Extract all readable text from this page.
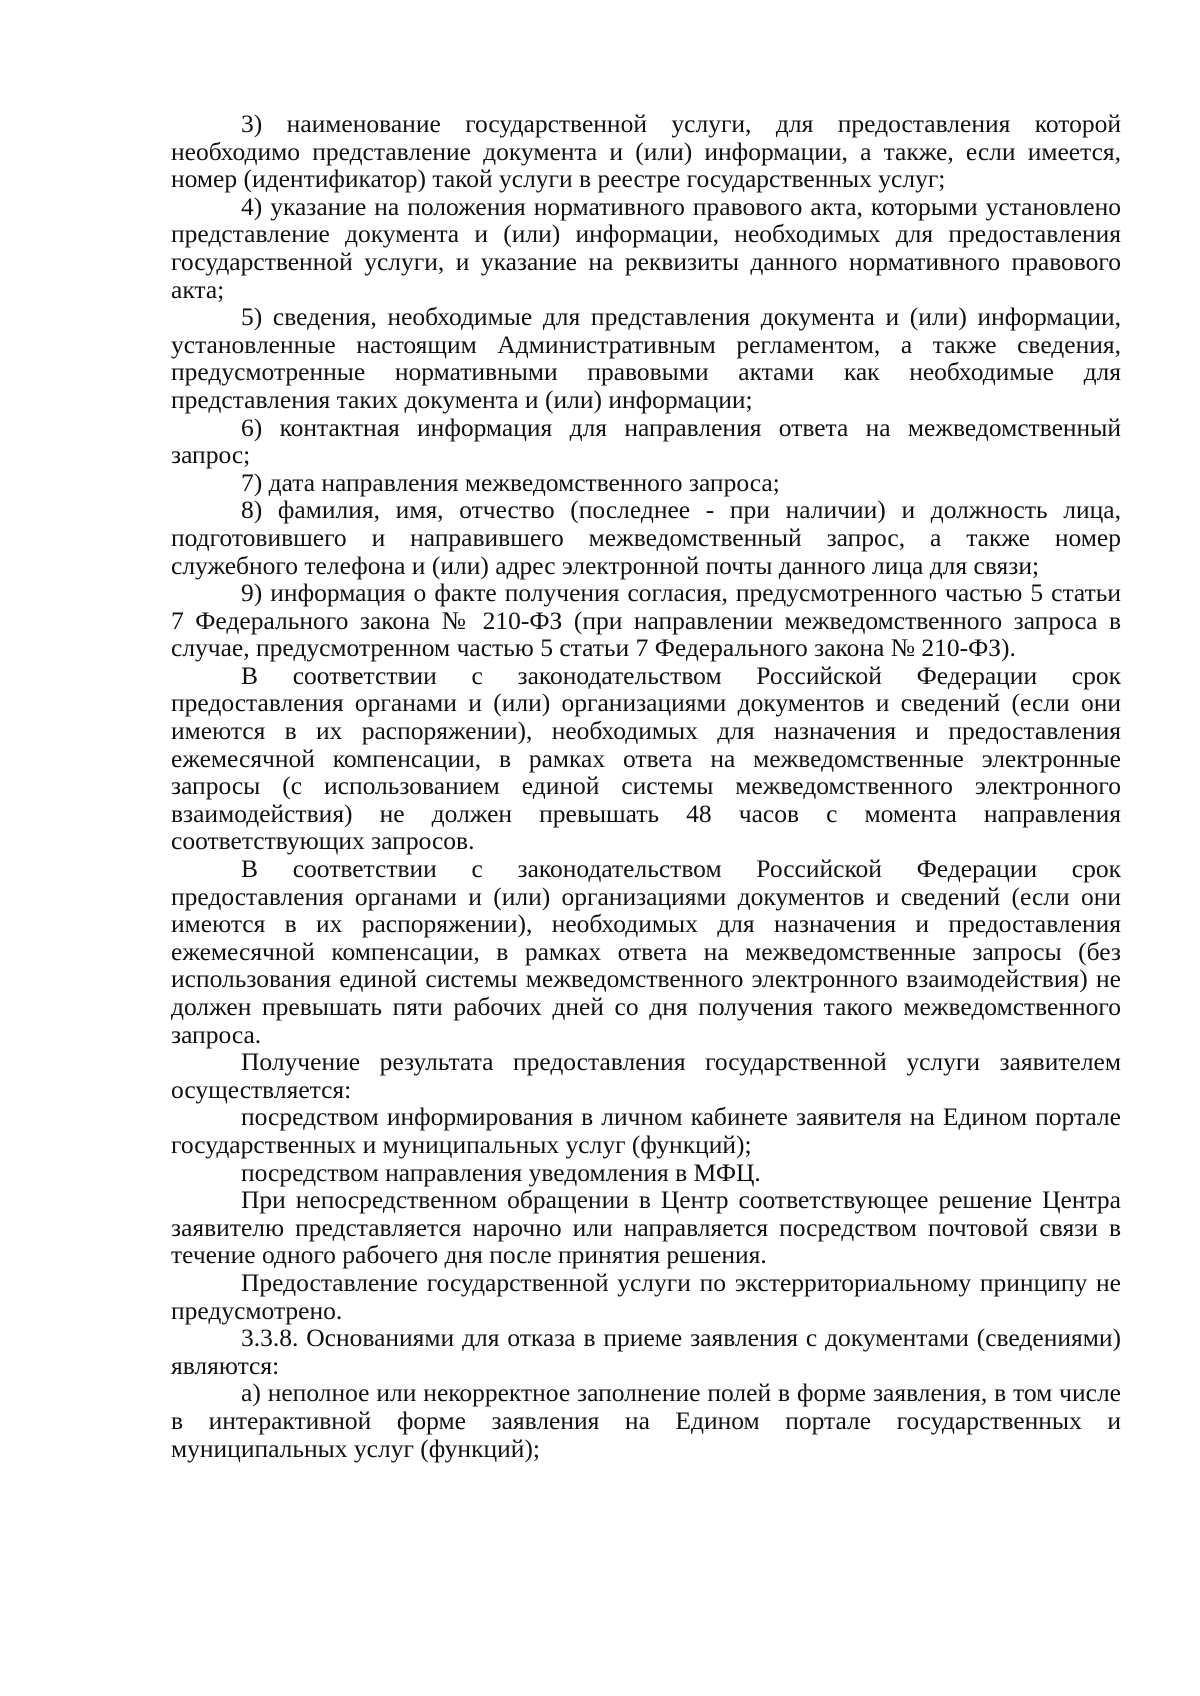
3) наименование государственной услуги, для предоставления которой необходимо представление документа и (или) информации, а также, если имеется, номер (идентификатор) такой услуги в реестре государственных услуг;

4) указание на положения нормативного правового акта, которыми установлено представление документа и (или) информации, необходимых для предоставления государственной услуги, и указание на реквизиты данного нормативного правового акта;

5) сведения, необходимые для представления документа и (или) информации, установленные настоящим Административным регламентом, а также сведения, предусмотренные нормативными правовыми актами как необходимые для представления таких документа и (или) информации;

6) контактная информация для направления ответа на межведомственный запрос;

7) дата направления межведомственного запроса;

8) фамилия, имя, отчество (последнее - при наличии) и должность лица, подготовившего и направившего межведомственный запрос, а также номер служебного телефона и (или) адрес электронной почты данного лица для связи;

9) информация о факте получения согласия, предусмотренного частью 5 статьи 7 Федерального закона № 210-ФЗ (при направлении межведомственного запроса в случае, предусмотренном частью 5 статьи 7 Федерального закона № 210-ФЗ).

В соответствии с законодательством Российской Федерации срок предоставления органами и (или) организациями документов и сведений (если они имеются в их распоряжении), необходимых для назначения и предоставления ежемесячной компенсации, в рамках ответа на межведомственные электронные запросы (с использованием единой системы межведомственного электронного взаимодействия) не должен превышать 48 часов с момента направления соответствующих запросов.

В соответствии с законодательством Российской Федерации срок предоставления органами и (или) организациями документов и сведений (если они имеются в их распоряжении), необходимых для назначения и предоставления ежемесячной компенсации, в рамках ответа на межведомственные запросы (без использования единой системы межведомственного электронного взаимодействия) не должен превышать пяти рабочих дней со дня получения такого межведомственного запроса.

Получение результата предоставления государственной услуги заявителем осуществляется:

посредством информирования в личном кабинете заявителя на Едином портале государственных и муниципальных услуг (функций);

посредством направления уведомления в МФЦ.

При непосредственном обращении в Центр соответствующее решение Центра заявителю представляется нарочно или направляется посредством почтовой связи в течение одного рабочего дня после принятия решения.

Предоставление государственной услуги по экстерриториальному принципу не предусмотрено.

3.3.8. Основаниями для отказа в приеме заявления с документами (сведениями) являются:

а) неполное или некорректное заполнение полей в форме заявления, в том числе в интерактивной форме заявления на Едином портале государственных и муниципальных услуг (функций);
